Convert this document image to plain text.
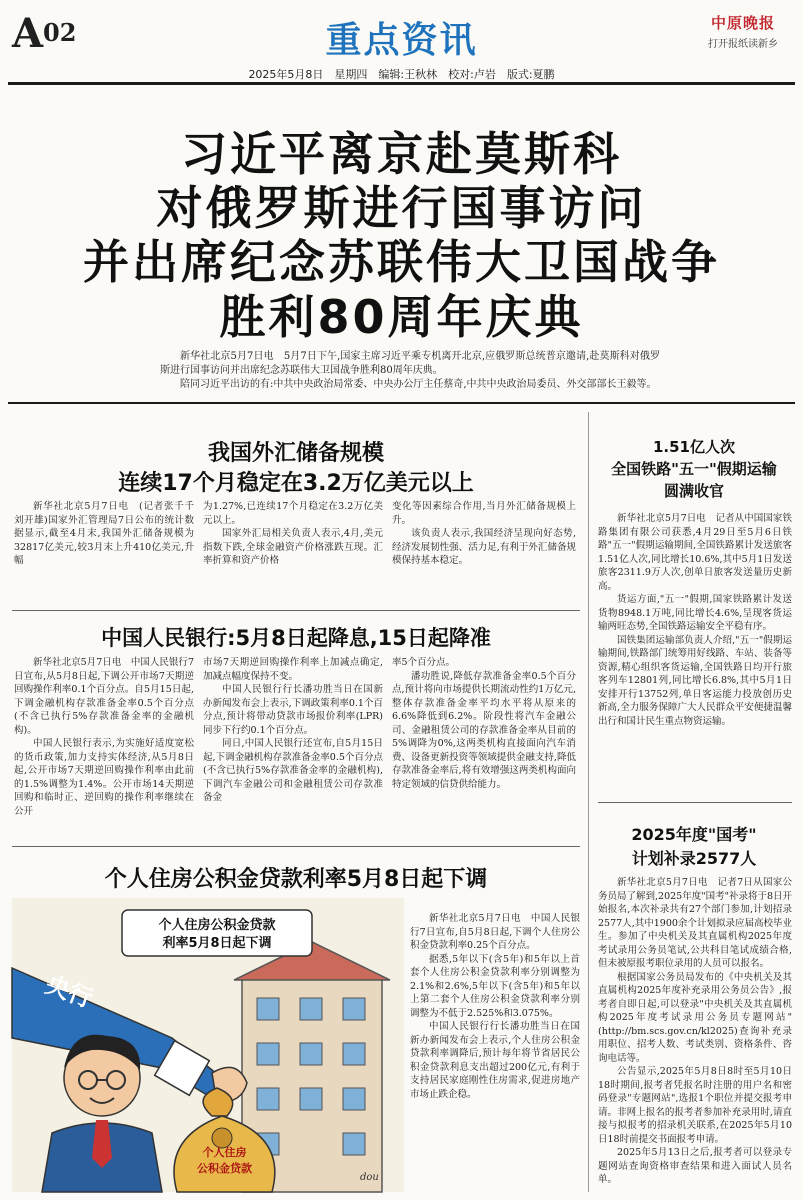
A02	重点资讯	中原晚报
打开报纸读新乡
2025年5月8日　星期四　编辑:王秋林　校对:卢岩　版式:夏鹏
习近平离京赴莫斯科
对俄罗斯进行国事访问
并出席纪念苏联伟大卫国战争
胜利80周年庆典
新华社北京5月7日电　5月7日下午,国家主席习近平乘专机离开北京,应俄罗斯总统普京邀请,赴莫斯科对俄罗斯进行国事访问并出席纪念苏联伟大卫国战争胜利80周年庆典。
陪同习近平出访的有:中共中央政治局常委、中央办公厅主任蔡奇,中共中央政治局委员、外交部部长王毅等。
我国外汇储备规模
连续17个月稳定在3.2万亿美元以上

新华社北京5月7日电　(记者张千千　刘开雄)国家外汇管理局7日公布的统计数据显示,截至4月末,我国外汇储备规模为32817亿美元,较3月末上升410亿美元,升幅

为1.27%,已连续17个月稳定在3.2万亿美元以上。

国家外汇局相关负责人表示,4月,美元指数下跌,全球金融资产价格涨跌互现。汇率折算和资产价格

变化等因素综合作用,当月外汇储备规模上升。

该负责人表示,我国经济呈现向好态势,经济发展韧性强、活力足,有利于外汇储备规模保持基本稳定。

中国人民银行:5月8日起降息,15日起降准

新华社北京5月7日电　中国人民银行7日宣布,从5月8日起,下调公开市场7天期逆回购操作利率0.1个百分点。自5月15日起,下调金融机构存款准备金率0.5个百分点(不含已执行5%存款准备金率的金融机构)。

中国人民银行表示,为实施好适度宽松的货币政策,加力支持实体经济,从5月8日起,公开市场7天期逆回购操作利率由此前的1.5%调整为1.4%。公开市场14天期逆回购和临时正、逆回购的操作利率继续在公开

市场7天期逆回购操作利率上加减点确定,加减点幅度保持不变。

中国人民银行行长潘功胜当日在国新办新闻发布会上表示,下调政策利率0.1个百分点,预计将带动贷款市场报价利率(LPR)同步下行约0.1个百分点。

同日,中国人民银行还宣布,自5月15日起,下调金融机构存款准备金率0.5个百分点(不含已执行5%存款准备金率的金融机构),下调汽车金融公司和金融租赁公司存款准备金

率5个百分点。

潘功胜说,降低存款准备金率0.5个百分点,预计将向市场提供长期流动性约1万亿元,整体存款准备金率平均水平将从原来的6.6%降低到6.2%。阶段性将汽车金融公司、金融租赁公司的存款准备金率从目前的5%调降为0%,这两类机构直接面向汽车消费、设备更新投资等领域提供金融支持,降低存款准备金率后,将有效增强这两类机构面向特定领域的信贷供给能力。

个人住房公积金贷款利率5月8日起下调
个人住房公积金贷款
利率5月8日起下调
央行
个人住房
公积金贷款
dou

新华社北京5月7日电　中国人民银行7日宣布,自5月8日起,下调个人住房公积金贷款利率0.25个百分点。

据悉,5年以下(含5年)和5年以上首套个人住房公积金贷款利率分别调整为2.1%和2.6%,5年以下(含5年)和5年以上第二套个人住房公积金贷款利率分别调整为不低于2.525%和3.075%。

中国人民银行行长潘功胜当日在国新办新闻发布会上表示,个人住房公积金贷款利率调降后,预计每年将节省居民公积金贷款利息支出超过200亿元,有利于支持居民家庭刚性住房需求,促进房地产市场止跌企稳。

1.51亿人次
全国铁路"五一"假期运输
圆满收官

新华社北京5月7日电　记者从中国国家铁路集团有限公司获悉,4月29日至5月6日铁路"五一"假期运输期间,全国铁路累计发送旅客1.51亿人次,同比增长10.6%,其中5月1日发送旅客2311.9万人次,创单日旅客发送量历史新高。

货运方面,"五一"假期,国家铁路累计发送货物8948.1万吨,同比增长4.6%,呈现客货运输两旺态势,全国铁路运输安全平稳有序。

国铁集团运输部负责人介绍,"五一"假期运输期间,铁路部门统筹用好线路、车站、装备等资源,精心组织客货运输,全国铁路日均开行旅客列车12801列,同比增长6.8%,其中5月1日安排开行13752列,单日客运能力投放创历史新高,全力服务保障广大人民群众平安便捷温馨出行和国计民生重点物资运输。

2025年度"国考"
计划补录2577人

新华社北京5月7日电　记者7日从国家公务员局了解到,2025年度"国考"补录将于8日开始报名,本次补录共有27个部门参加,计划招录2577人,其中1900余个计划拟录应届高校毕业生。参加了中央机关及其直属机构2025年度考试录用公务员笔试,公共科目笔试成绩合格,但未被原报考职位录用的人员可以报名。

根据国家公务员局发布的《中央机关及其直属机构2025年度补充录用公务员公告》,报考者自即日起,可以登录"中央机关及其直属机构2025年度考试录用公务员专题网站"(http://bm.scs.gov.cn/kl2025)查询补充录用职位、招考人数、考试类别、资格条件、咨询电话等。

公告显示,2025年5月8日8时至5月10日18时期间,报考者凭报名时注册的用户名和密码登录"专题网站",选报1个职位并提交报考申请。非网上报名的报考者参加补充录用时,请直接与拟报考的招录机关联系,在2025年5月10日18时前提交书面报考申请。

2025年5月13日之后,报考者可以登录专题网站查询资格审查结果和进入面试人员名单。
